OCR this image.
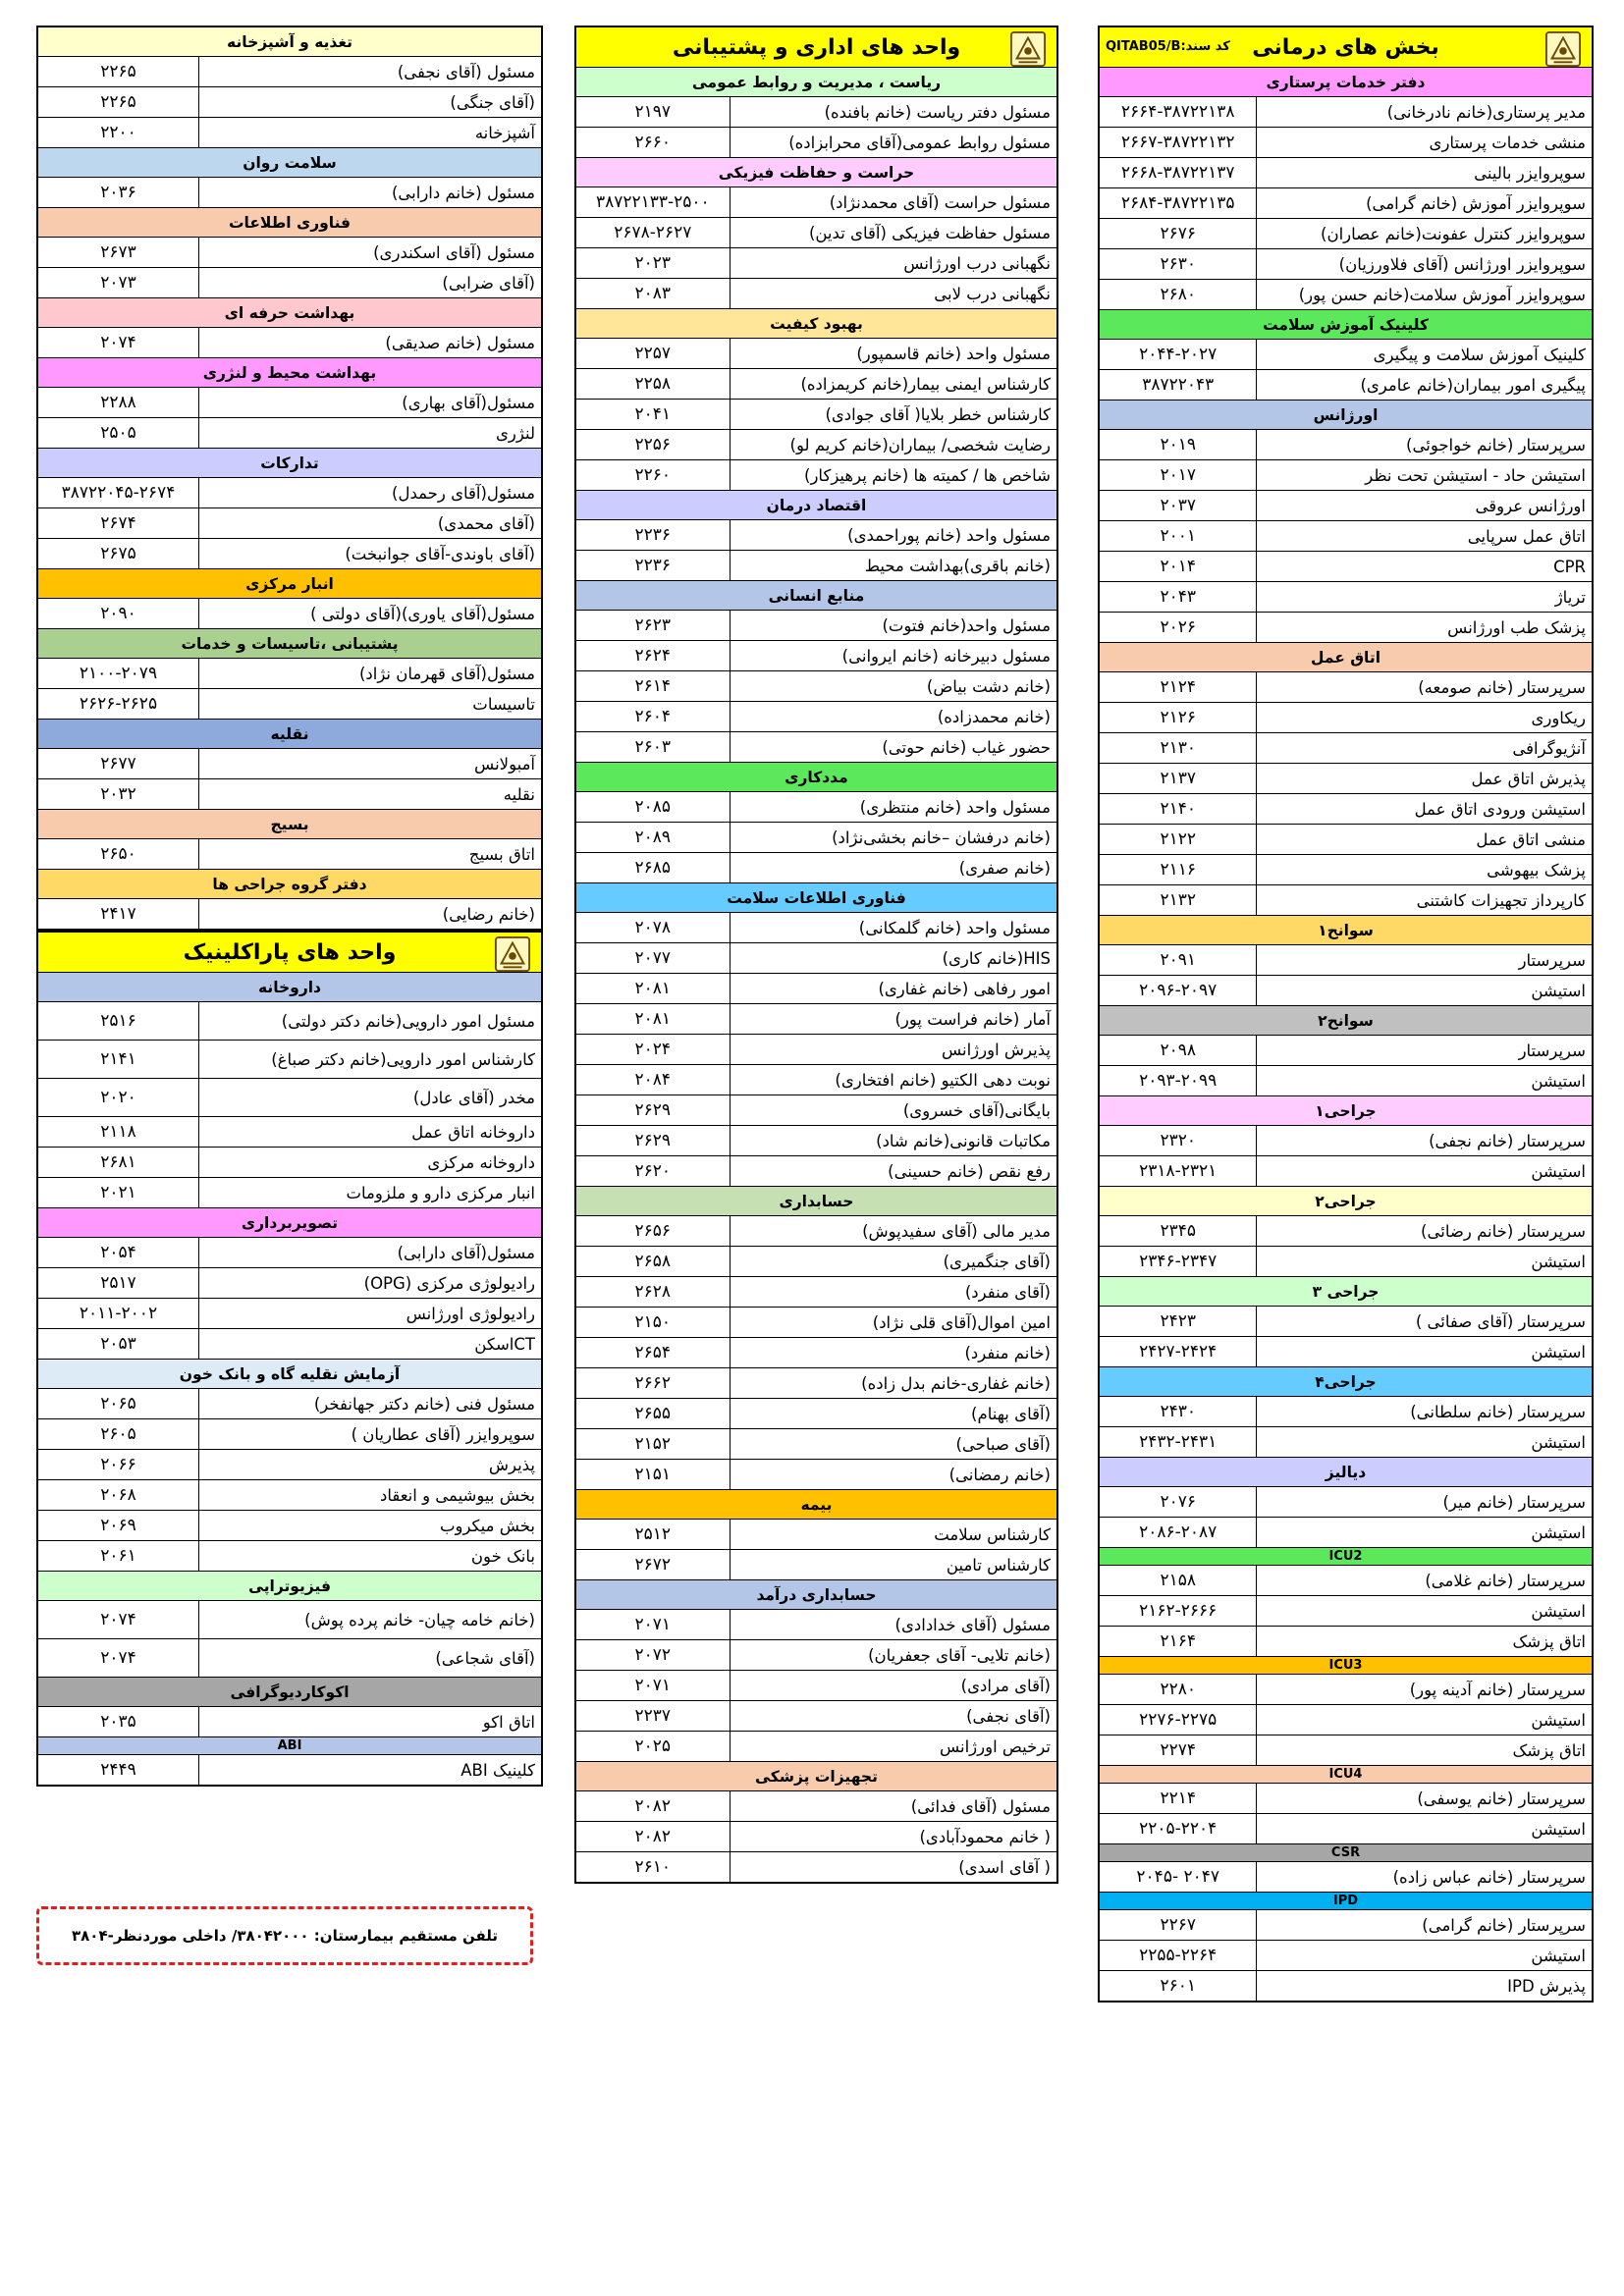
بخش های درمانی
QITAB05/B:کد سند	

دفتر خدمات پرستاری	
۲۶۶۴-۳۸۷۲۲۱۳۸	مدیر پرستاری(خانم نادرخانی)
۲۶۶۷-۳۸۷۲۲۱۳۲	منشی خدمات پرستاری
۲۶۶۸-۳۸۷۲۲۱۳۷	سوپروایزر بالینی
۲۶۸۴-۳۸۷۲۲۱۳۵	سوپروایزر آموزش (خانم گرامی)
۲۶۷۶	سوپروایزر کنترل عفونت(خانم عصاران)
۲۶۳۰	سوپروایزر اورژانس (آقای فلاورزیان)
۲۶۸۰	سوپروایزر آموزش سلامت(خانم حسن پور)
کلینیک آموزش سلامت	
۲۰۴۴-۲۰۲۷	کلینیک آموزش سلامت و پیگیری
۳۸۷۲۲۰۴۳	پیگیری امور بیماران(خانم عامری)
اورژانس	
۲۰۱۹	سرپرستار (خانم خواجوئی)
۲۰۱۷	استیشن حاد - استیشن تحت نظر
۲۰۳۷	اورژانس عروقی
۲۰۰۱	اتاق عمل سرپایی
۲۰۱۴	CPR
۲۰۴۳	تریاژ
۲۰۲۶	پزشک طب اورژانس
اتاق عمل	
۲۱۲۴	سرپرستار (خانم صومعه)
۲۱۲۶	ریکاوری
۲۱۳۰	آنژیوگرافی
۲۱۳۷	پذیرش اتاق عمل
۲۱۴۰	استیشن ورودی اتاق عمل
۲۱۲۲	منشی اتاق عمل
۲۱۱۶	پزشک بیهوشی
۲۱۳۲	کارپرداز تجهیزات کاشتنی
سوانح۱	
۲۰۹۱	سرپرستار
۲۰۹۶-۲۰۹۷	استیشن
سوانح۲	
۲۰۹۸	سرپرستار
۲۰۹۳-۲۰۹۹	استیشن
جراحی۱	
۲۳۲۰	سرپرستار (خانم نجفی)
۲۳۱۸-۲۳۲۱	استیشن
جراحی۲	
۲۳۴۵	سرپرستار (خانم رضائی)
۲۳۴۶-۲۳۴۷	استیشن
جراحی ۳	
۲۴۲۳	سرپرستار (آقای صفائی )
۲۴۲۷-۲۴۲۴	استیشن
جراحی۴	
۲۴۳۰	سرپرستار (خانم سلطانی)
۲۴۳۲-۲۴۳۱	استیشن
دیالیز	
۲۰۷۶	سرپرستار (خانم میر)
۲۰۸۶-۲۰۸۷	استیشن
ICU2	
۲۱۵۸	سرپرستار (خانم غلامی)
۲۱۶۲-۲۶۶۶	استیشن
۲۱۶۴	اتاق پزشک
ICU3	
۲۲۸۰	سرپرستار (خانم آدینه پور)
۲۲۷۶-۲۲۷۵	استیشن
۲۲۷۴	اتاق پزشک
ICU4	
۲۲۱۴	سرپرستار (خانم یوسفی)
۲۲۰۵-۲۲۰۴	استیشن
CSR	
۲۰۴۵- ۲۰۴۷	سرپرستار (خانم عباس زاده)
IPD	
۲۲۶۷	سرپرستار (خانم گرامی)
۲۲۵۵-۲۲۶۴	استیشن
۲۶۰۱	پذیرش IPD
واحد های اداری و پشتیبانی	
ریاست ، مدیریت و روابط عمومی	
۲۱۹۷	مسئول دفتر ریاست (خانم بافنده)
۲۶۶۰	مسئول روابط عمومی(آقای محرابزاده)
حراست و حفاظت فیزیکی	
۳۸۷۲۲۱۳۳-۲۵۰۰	مسئول حراست (آقای محمدنژاد)
۲۶۷۸-۲۶۲۷	مسئول حفاظت فیزیکی (آقای تدین)
۲۰۲۳	نگهبانی درب اورژانس
۲۰۸۳	نگهبانی درب لابی
بهبود کیفیت	
۲۲۵۷	مسئول واحد (خانم قاسمپور)
۲۲۵۸	کارشناس ایمنی بیمار(خانم کریمزاده)
۲۰۴۱	کارشناس خطر بلایا( آقای جوادی)
۲۲۵۶	رضایت شخصی/ بیماران(خانم کریم لو)
۲۲۶۰	شاخص ها / کمیته ها (خانم پرهیزکار)
اقتصاد درمان	
۲۲۳۶	مسئول واحد (خانم پوراحمدی)
۲۲۳۶	(خانم باقری)بهداشت محیط
منابع انسانی	
۲۶۲۳	مسئول واحد(خانم فتوت)
۲۶۲۴	مسئول دبیرخانه (خانم ایروانی)
۲۶۱۴	(خانم دشت بیاض)
۲۶۰۴	(خانم محمدزاده)
۲۶۰۳	حضور غیاب (خانم حوتی)
مددکاری	
۲۰۸۵	مسئول واحد (خانم منتظری)
۲۰۸۹	(خانم درفشان –خانم بخشی‌نژاد)
۲۶۸۵	(خانم صفری)
فناوری اطلاعات سلامت	
۲۰۷۸	مسئول واحد (خانم گلمکانی)
۲۰۷۷	HIS(خانم کاری)
۲۰۸۱	امور رفاهی (خانم غفاری)
۲۰۸۱	آمار (خانم فراست پور)
۲۰۲۴	پذیرش اورژانس
۲۰۸۴	نوبت دهی الکتیو (خانم افتخاری)
۲۶۲۹	بایگانی(آقای خسروی)
۲۶۲۹	مکاتبات قانونی(خانم شاد)
۲۶۲۰	رفع نقص (خانم حسینی)
حسابداری	
۲۶۵۶	مدیر مالی (آقای سفیدپوش)
۲۶۵۸	(آقای جنگمیری)
۲۶۲۸	(آقای منفرد)
۲۱۵۰	امین اموال(آقای قلی نژاد)
۲۶۵۴	(خانم منفرد)
۲۶۶۲	(خانم غفاری-خانم بدل زاده)
۲۶۵۵	(آقای بهنام)
۲۱۵۲	(آقای صباحی)
۲۱۵۱	(خانم رمضانی)
بیمه	
۲۵۱۲	کارشناس سلامت
۲۶۷۲	کارشناس تامین
حسابداری درآمد	
۲۰۷۱	مسئول (آقای خدادادی)
۲۰۷۲	(خانم تلایی- آقای جعفریان)
۲۰۷۱	(آقای مرادی)
۲۲۳۷	(آقای نجفی)
۲۰۲۵	ترخیص اورژانس
تجهیزات پزشکی	
۲۰۸۲	مسئول (آقای فدائی)
۲۰۸۲	( خانم محمودآبادی)
۲۶۱۰	( آقای اسدی)
تغذیه و آشپزخانه	
۲۲۶۵	مسئول (آقای نجفی)
۲۲۶۵	(آقای جنگی)
۲۲۰۰	آشپزخانه
سلامت روان	
۲۰۳۶	مسئول (خانم دارابی)
فناوری اطلاعات	
۲۶۷۳	مسئول (آقای اسکندری)
۲۰۷۳	(آقای ضرابی)
بهداشت حرفه ای	
۲۰۷۴	مسئول (خانم صدیقی)
بهداشت محیط و لنژری	
۲۲۸۸	مسئول(آقای بهاری)
۲۵۰۵	لنژری
تدارکات	
۳۸۷۲۲۰۴۵-۲۶۷۴	مسئول(آقای رحمدل)
۲۶۷۴	(آقای محمدی)
۲۶۷۵	(آقای باوندی-آقای جوانبخت)
انبار مرکزی	
۲۰۹۰	مسئول(آقای یاوری)(آقای دولتی )
پشتیبانی ،تاسیسات و خدمات	
۲۱۰۰-۲۰۷۹	مسئول(آقای قهرمان نژاد)
۲۶۲۶-۲۶۲۵	تاسیسات
نقلیه	
۲۶۷۷	آمبولانس
۲۰۳۲	نقلیه
بسیج	
۲۶۵۰	اتاق بسیج
دفتر گروه جراحی ها	
۲۴۱۷	(خانم رضایی)
واحد های پاراکلینیک	
داروخانه	
۲۵۱۶	مسئول امور دارویی(خانم دکتر دولتی)
۲۱۴۱	کارشناس امور دارویی(خانم دکتر صباغ)
۲۰۲۰	مخدر (آقای عادل)
۲۱۱۸	داروخانه اتاق عمل
۲۶۸۱	داروخانه مرکزی
۲۰۲۱	انبار مرکزی دارو و ملزومات
تصویربرداری	
۲۰۵۴	مسئول(آقای دارابی)
۲۵۱۷	رادیولوژی مرکزی (OPG)
۲۰۱۱-۲۰۰۲	رادیولوژی اورژانس
۲۰۵۳	CTاسکن
آزمایش نقلیه گاه و بانک خون	
۲۰۶۵	مسئول فنی (خانم دکتر جهانفخر)
۲۶۰۵	سوپروایزر (آقای عطاریان )
۲۰۶۶	پذیرش
۲۰۶۸	بخش بیوشیمی و انعقاد
۲۰۶۹	بخش میکروب
۲۰۶۱	بانک خون
فیزیوتراپی	
۲۰۷۴	(خانم خامه چیان- خانم پرده پوش)
۲۰۷۴	(آقای شجاعی)
اکوکاردیوگرافی	
۲۰۳۵	اتاق اکو
ABI	
۲۴۴۹	کلینیک ABI
تلفن مستقیم بیمارستان: ۳۸۰۴۲۰۰۰/ داخلی موردنظر-۳۸۰۴
